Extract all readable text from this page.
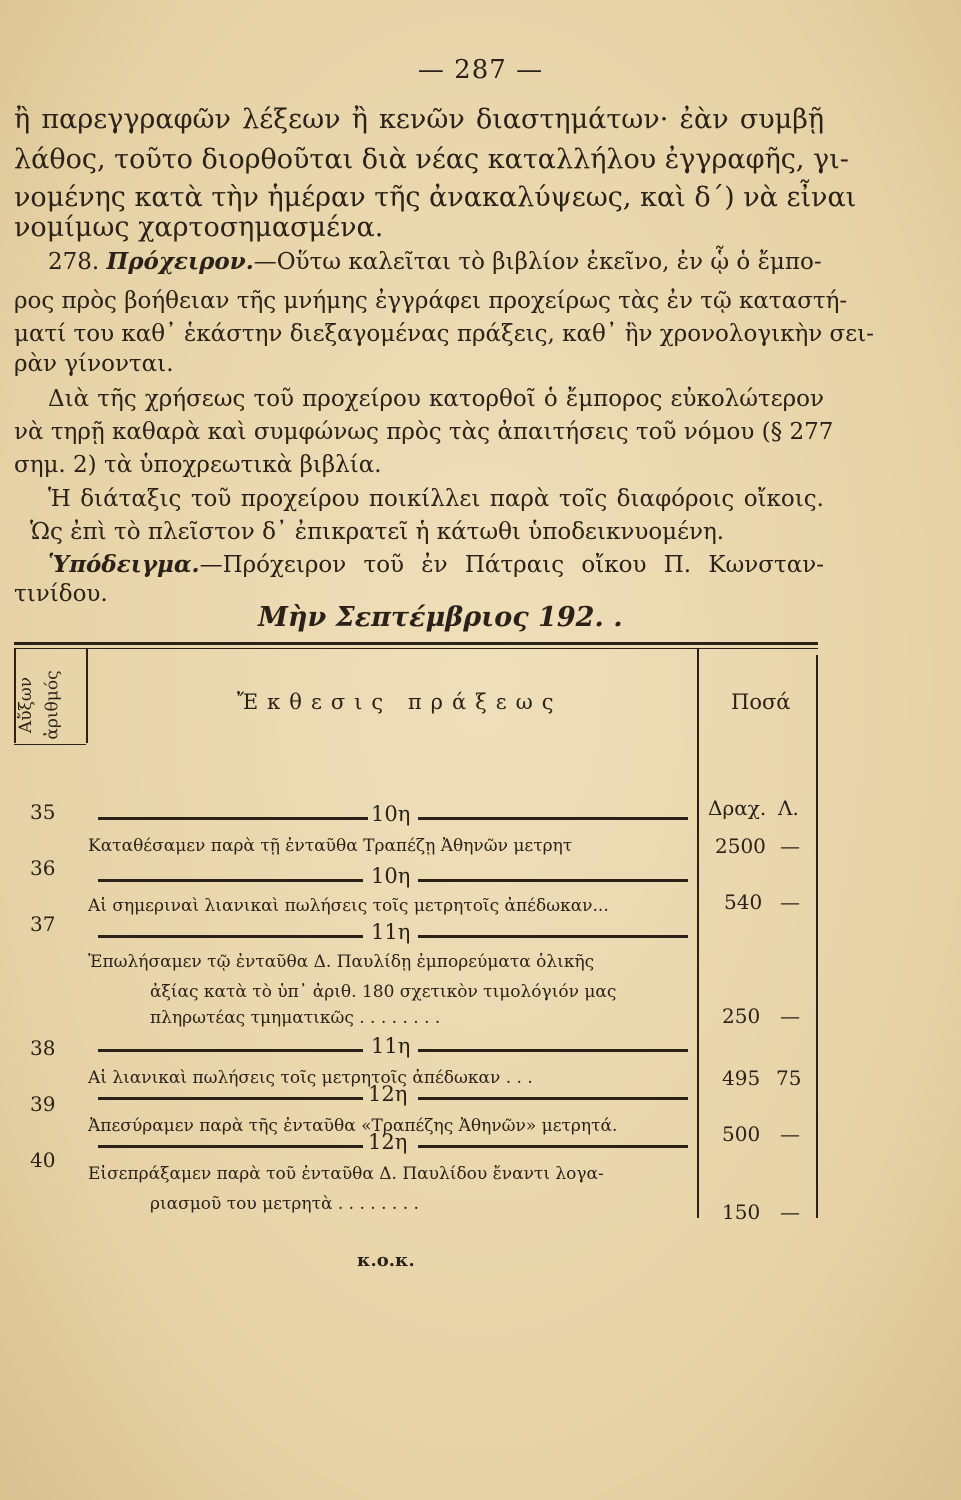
— 287 —
ἢ παρεγγραφῶν λέξεων ἢ κενῶν διαστημάτων· ἐὰν συμβῇ
λάθος, τοῦτο διορθοῦται διὰ νέας καταλλήλου ἐγγραφῆς, γι-
νομένης κατὰ τὴν ἡμέραν τῆς ἀνακαλύψεως, καὶ δ΄) νὰ εἶναι
νομίμως χαρτοσημασμένα.
278. Πρόχειρον.—Οὕτω καλεῖται τὸ βιβλίον ἐκεῖνο, ἐν ᾧ ὁ ἔμπο-
ρος πρὸς βοήθειαν τῆς μνήμης ἐγγράφει προχείρως τὰς ἐν τῷ καταστή-
ματί του καθ᾽ ἑκάστην διεξαγομένας πράξεις, καθ᾽ ἣν χρονολογικὴν σει-
ρὰν γίνονται.
Διὰ τῆς χρήσεως τοῦ προχείρου κατορθοῖ ὁ ἔμπορος εὐκολώτερον
νὰ τηρῇ καθαρὰ καὶ συμφώνως πρὸς τὰς ἀπαιτήσεις τοῦ νόμου (§ 277
σημ. 2) τὰ ὑποχρεωτικὰ βιβλία.
Ἡ διάταξις τοῦ προχείρου ποικίλλει παρὰ τοῖς διαφόροις οἴκοις.
Ὡς ἐπὶ τὸ πλεῖστον δ᾽ ἐπικρατεῖ ἡ κάτωθι ὑποδεικνυομένη.
Ὑπόδειγμα.—Πρόχειρον τοῦ ἐν Πάτραις οἴκου Π. Κωνσταν-
τινίδου.
Μὴν Σεπτέμβριος 192. .
Αὔξων ἀριθμός	Ἔκθεσις πράξεως	Ποσά
Δραχ. Λ.
35
36
37
38
39
40
10η
Καταθέσαμεν παρὰ τῇ ἐνταῦθα Τραπέζῃ Ἀθηνῶν μετρητ
10η
Αἱ σημεριναὶ λιανικαὶ πωλήσεις τοῖς μετρητοῖς ἀπέδωκαν...
11η
Ἐπωλήσαμεν τῷ ἐνταῦθα Δ. Παυλίδῃ ἐμπορεύματα ὁλικῆς
ἀξίας κατὰ τὸ ὑπ᾽ ἀριθ. 180 σχετικὸν τιμολόγιόν μας
πληρωτέας τμηματικῶς . . . . . . . .
11η
Αἱ λιανικαὶ πωλήσεις τοῖς μετρητοῖς ἀπέδωκαν . . .
12η
Ἀπεσύραμεν παρὰ τῆς ἐνταῦθα «Τραπέζης Ἀθηνῶν» μετρητά.
12η
Εἰσεπράξαμεν παρὰ τοῦ ἐνταῦθα Δ. Παυλίδου ἔναντι λογα-
ριασμοῦ του μετρητὰ . . . . . . . .
2500 —
540 —
250 —
495 75
500 —
150 —
κ.ο.κ.
